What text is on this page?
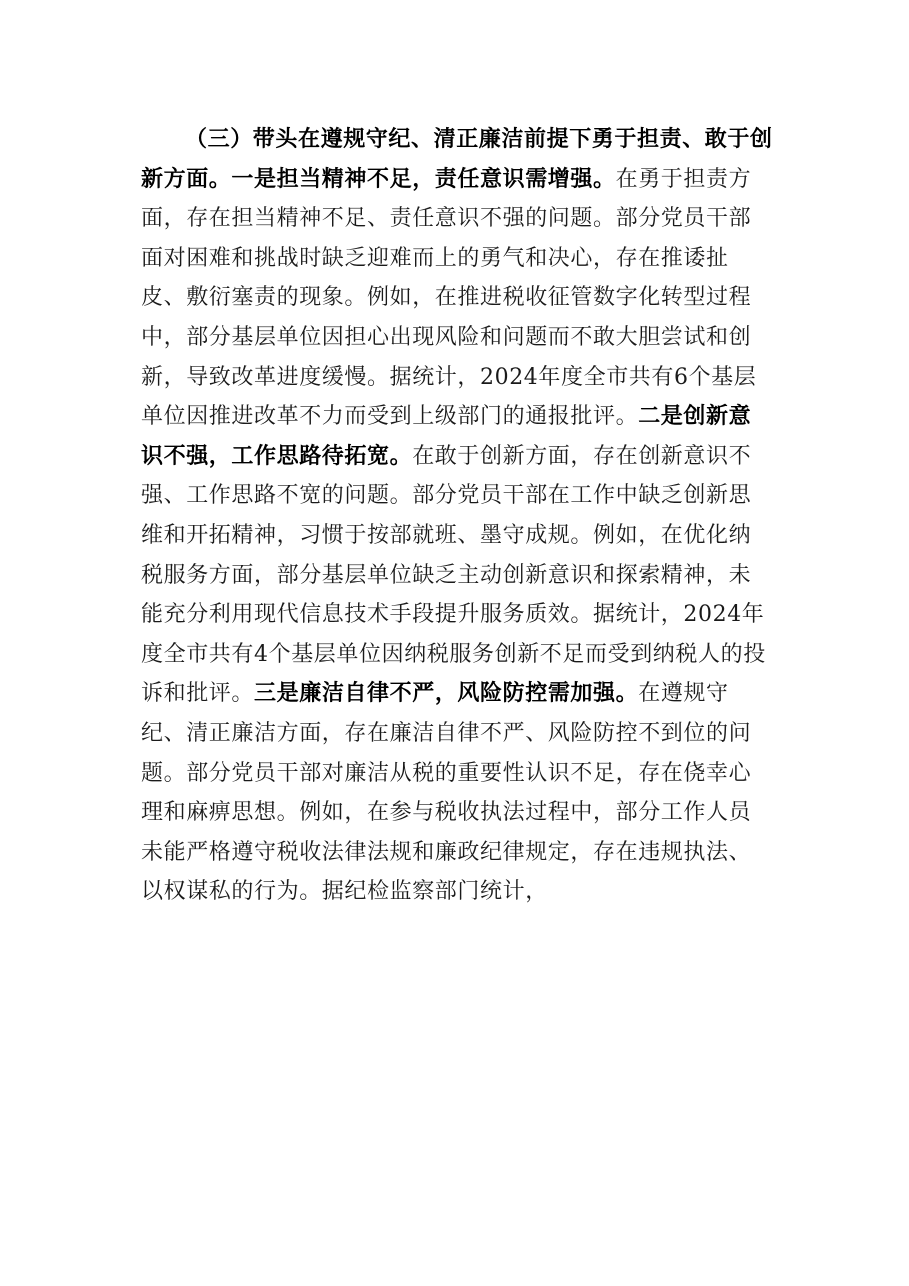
（三）带头在遵规守纪、清正廉洁前提下勇于担责、敢于创新方面。一是担当精神不足，责任意识需增强。在勇于担责方面，存在担当精神不足、责任意识不强的问题。部分党员干部面对困难和挑战时缺乏迎难而上的勇气和决心，存在推诿扯皮、敷衍塞责的现象。例如，在推进税收征管数字化转型过程中，部分基层单位因担心出现风险和问题而不敢大胆尝试和创新，导致改革进度缓慢。据统计，2024年度全市共有6个基层单位因推进改革不力而受到上级部门的通报批评。二是创新意识不强，工作思路待拓宽。在敢于创新方面，存在创新意识不强、工作思路不宽的问题。部分党员干部在工作中缺乏创新思维和开拓精神，习惯于按部就班、墨守成规。例如，在优化纳税服务方面，部分基层单位缺乏主动创新意识和探索精神，未能充分利用现代信息技术手段提升服务质效。据统计，2024年度全市共有4个基层单位因纳税服务创新不足而受到纳税人的投诉和批评。三是廉洁自律不严，风险防控需加强。在遵规守纪、清正廉洁方面，存在廉洁自律不严、风险防控不到位的问题。部分党员干部对廉洁从税的重要性认识不足，存在侥幸心理和麻痹思想。例如，在参与税收执法过程中，部分工作人员未能严格遵守税收法律法规和廉政纪律规定，存在违规执法、以权谋私的行为。据纪检监察部门统计，
